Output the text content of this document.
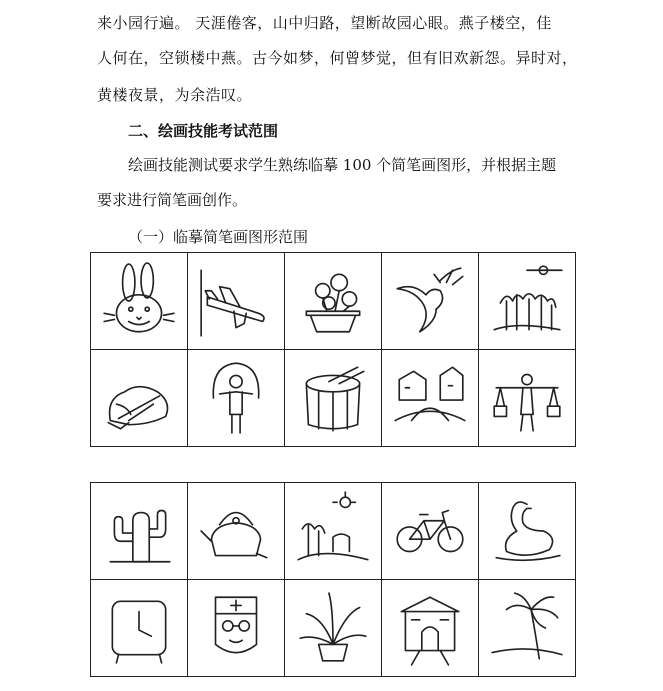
来小园行遍。 天涯倦客，山中归路，望断故园心眼。燕子楼空，佳
人何在，空锁楼中燕。古今如梦，何曾梦觉，但有旧欢新怨。异时对，
黄楼夜景，为余浩叹。
二、绘画技能考试范围
绘画技能测试要求学生熟练临摹 100 个简笔画图形，并根据主题
要求进行简笔画创作。
（一）临摹简笔画图形范围
